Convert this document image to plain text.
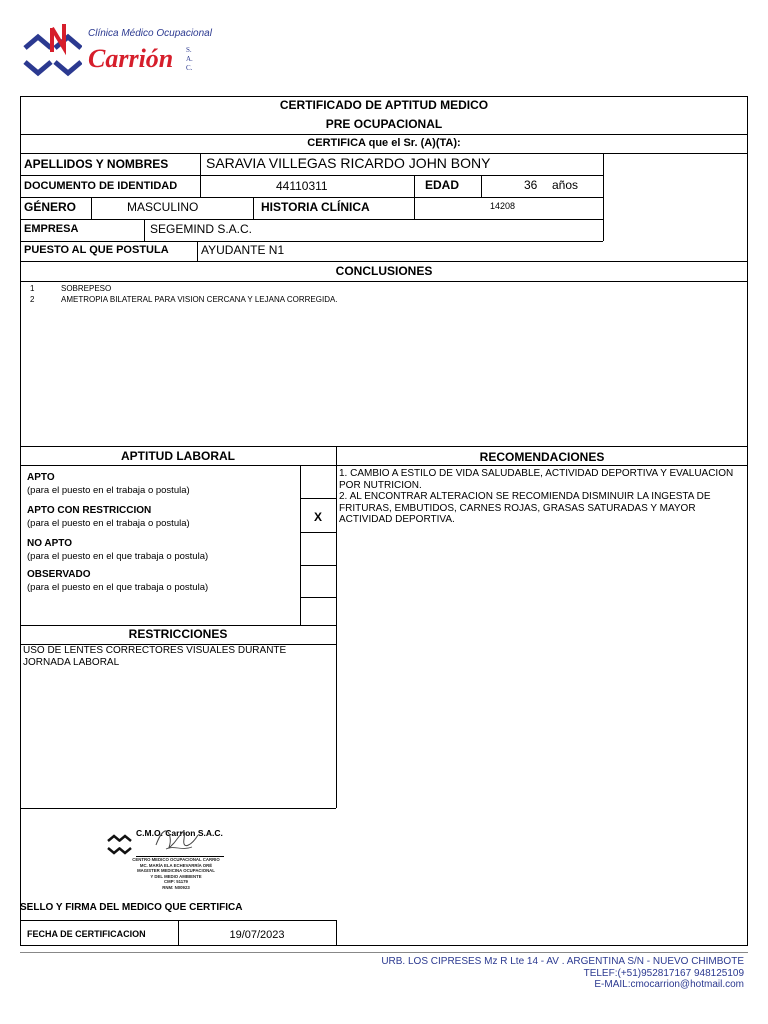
Clínica Médico Ocupacional
Carrión S.
A.
C.
CERTIFICADO DE APTITUD MEDICO
PRE OCUPACIONAL
CERTIFICA que el Sr. (A)(TA):
APELLIDOS Y NOMBRES	SARAVIA VILLEGAS RICARDO JOHN BONY
DOCUMENTO DE IDENTIDAD	44110311	EDAD	36 años
GÉNERO	MASCULINO	HISTORIA CLÍNICA	14208
EMPRESA	SEGEMIND S.A.C.
PUESTO AL QUE POSTULA	AYUDANTE N1
CONCLUSIONES
1	SOBREPESO
2	AMETROPIA BILATERAL PARA VISION CERCANA Y LEJANA CORREGIDA.
APTITUD LABORAL	RECOMENDACIONES
APTO
(para el puesto en el trabaja o postula)
APTO CON RESTRICCION
(para el puesto en el trabaja o postula)	X
NO APTO
(para el puesto en el que trabaja o postula)
OBSERVADO
(para el puesto en el que trabaja o postula)
1. CAMBIO A ESTILO DE VIDA SALUDABLE, ACTIVIDAD DEPORTIVA Y EVALUACION POR NUTRICION.
2. AL ENCONTRAR ALTERACION SE RECOMIENDA DISMINUIR LA INGESTA DE FRITURAS, EMBUTIDOS, CARNES ROJAS, GRASAS SATURADAS Y MAYOR ACTIVIDAD DEPORTIVA.
RESTRICCIONES
USO DE LENTES CORRECTORES VISUALES DURANTE JORNADA LABORAL
C.M.O. Carrion S.A.C.
CENTRO MEDICO OCUPACIONAL CARRIO
MC. MARÍA ELA ECHEVARRÍA ORÉ
MAGISTER MEDICINA OCUPACIONAL
Y DEL MEDIO AMBIENTE
CMP: 51179
RNM: N00923
SELLO Y FIRMA DEL MEDICO QUE CERTIFICA
FECHA DE CERTIFICACION	19/07/2023
URB. LOS CIPRESES Mz R Lte 14 - AV . ARGENTINA S/N - NUEVO CHIMBOTE
TELEF:(+51)952817167 948125109
E-MAIL:cmocarrion@hotmail.com
